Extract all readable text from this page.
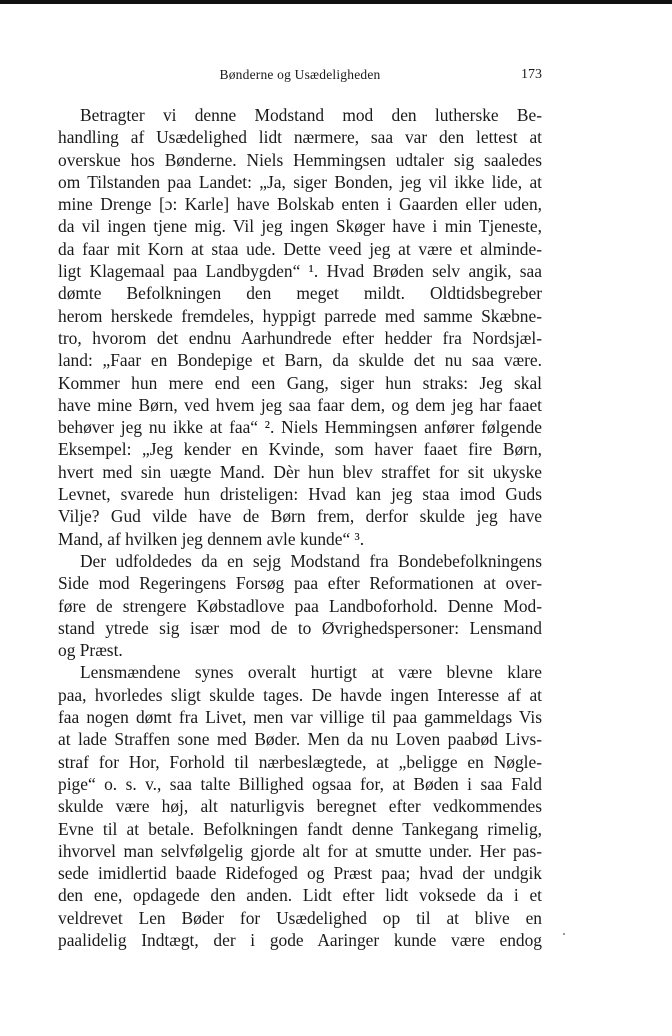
Bønderne og Usædeligheden	173
Betragter vi denne Modstand mod den lutherske Be-
handling af Usædelighed lidt nærmere, saa var den lettest at
overskue hos Bønderne. Niels Hemmingsen udtaler sig saaledes
om Tilstanden paa Landet: „Ja, siger Bonden, jeg vil ikke lide, at
mine Drenge [ɔ: Karle] have Bolskab enten i Gaarden eller uden,
da vil ingen tjene mig. Vil jeg ingen Skøger have i min Tjeneste,
da faar mit Korn at staa ude. Dette veed jeg at være et alminde-
ligt Klagemaal paa Landbygden“ ¹. Hvad Brøden selv angik, saa
dømte Befolkningen den meget mildt. Oldtidsbegreber
herom herskede fremdeles, hyppigt parrede med samme Skæbne-
tro, hvorom det endnu Aarhundrede efter hedder fra Nordsjæl-
land: „Faar en Bondepige et Barn, da skulde det nu saa være.
Kommer hun mere end een Gang, siger hun straks: Jeg skal
have mine Børn, ved hvem jeg saa faar dem, og dem jeg har faaet
behøver jeg nu ikke at faa“ ². Niels Hemmingsen anfører følgende
Eksempel: „Jeg kender en Kvinde, som haver faaet fire Børn,
hvert med sin uægte Mand. Dèr hun blev straffet for sit ukyske
Levnet, svarede hun dristeligen: Hvad kan jeg staa imod Guds
Vilje? Gud vilde have de Børn frem, derfor skulde jeg have
Mand, af hvilken jeg dennem avle kunde“ ³.
Der udfoldedes da en sejg Modstand fra Bondebefolkningens
Side mod Regeringens Forsøg paa efter Reformationen at over-
føre de strengere Købstadlove paa Landboforhold. Denne Mod-
stand ytrede sig især mod de to Øvrighedspersoner: Lensmand
og Præst.
Lensmændene synes overalt hurtigt at være blevne klare
paa, hvorledes sligt skulde tages. De havde ingen Interesse af at
faa nogen dømt fra Livet, men var villige til paa gammeldags Vis
at lade Straffen sone med Bøder. Men da nu Loven paabød Livs-
straf for Hor, Forhold til nærbeslægtede, at „beligge en Nøgle-
pige“ o. s. v., saa talte Billighed ogsaa for, at Bøden i saa Fald
skulde være høj, alt naturligvis beregnet efter vedkommendes
Evne til at betale. Befolkningen fandt denne Tankegang rimelig,
ihvorvel man selvfølgelig gjorde alt for at smutte under. Her pas-
sede imidlertid baade Ridefoged og Præst paa; hvad der undgik
den ene, opdagede den anden. Lidt efter lidt voksede da i et
veldrevet Len Bøder for Usædelighed op til at blive en
paalidelig Indtægt, der i gode Aaringer kunde være endog
